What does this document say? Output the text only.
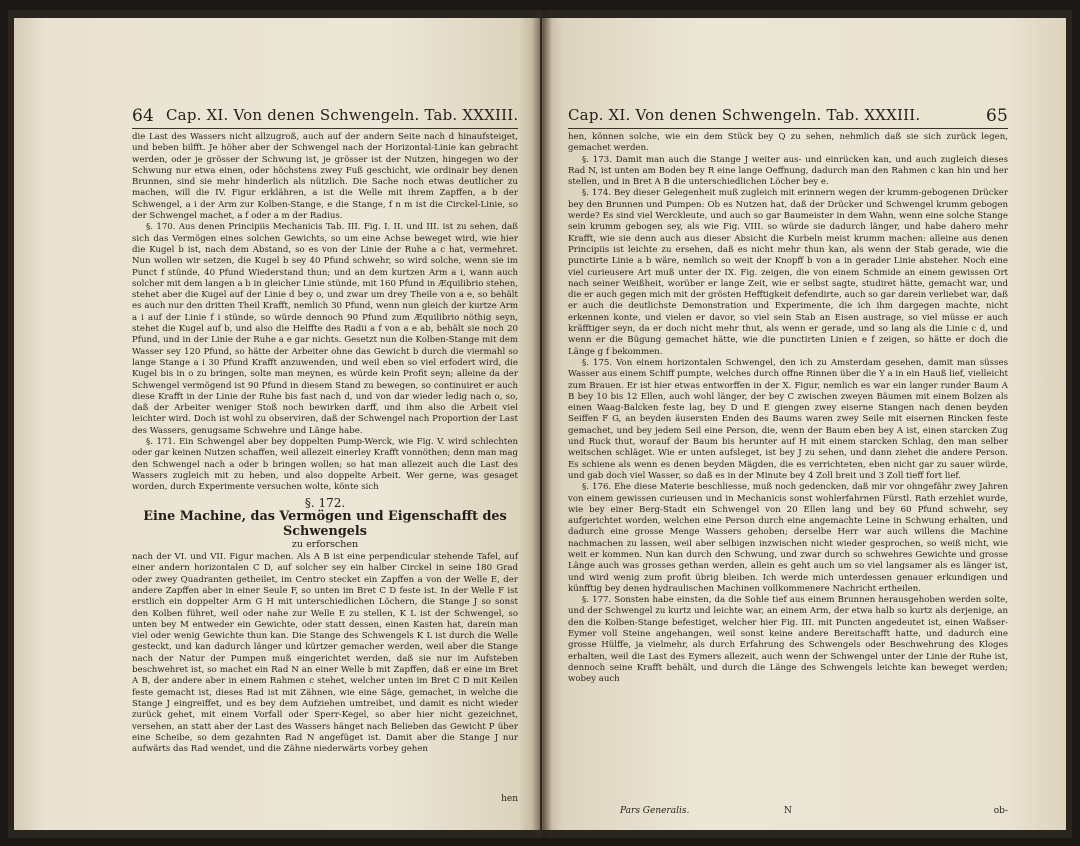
64 Cap. XI. Von denen Schwengeln. Tab. XXXIII.

die Last des Wassers nicht allzugroß, auch auf der andern Seite nach d hinaufsteiget, und beben bilfft. Je höher aber der Schwengel nach der Horizontal-Linie kan gebracht werden, oder je grösser der Schwung ist, je grösser ist der Nutzen, hingegen wo der Schwung nur etwa einen, oder höchstens zwey Fuß geschicht, wie ordinair bey denen Brunnen, sind sie mehr hinderlich als nützlich. Die Sache noch etwas deutlicher zu machen, will die IV. Figur erklähren, a ist die Welle mit ihrem Zapffen, a b der Schwengel, a i der Arm zur Kolben-Stange, e die Stange, f n m ist die Circkel-Linie, so der Schwengel machet, a f oder a m der Radius.

§. 170. Aus denen Principiis Mechanicis Tab. III. Fig. I. II. und III. ist zu sehen, daß sich das Vermögen eines solchen Gewichts, so um eine Achse beweget wird, wie hier die Kugel b ist, nach dem Abstand, so es von der Linie der Ruhe a c hat, vermehret. Nun wollen wir setzen, die Kugel b sey 40 Pfund schwehr, so wird solche, wenn sie im Punct f stünde, 40 Pfund Wiederstand thun; und an dem kurtzen Arm a i, wann auch solcher mit dem langen a b in gleicher Linie stünde, mit 160 Pfund in Æquilibrio stehen, stehet aber die Kugel auf der Linie d bey o, und zwar um drey Theile von a e, so behält es auch nur den dritten Theil Krafft, nemlich 30 Pfund, wenn nun gleich der kurtze Arm a i auf der Linie f i stünde, so würde dennoch 90 Pfund zum Æquilibrio nöthig seyn, stehet die Kugel auf b, und also die Helffte des Radii a f von a e ab, behält sie noch 20 Pfund, und in der Linie der Ruhe a e gar nichts. Gesetzt nun die Kolben-Stange mit dem Wasser sey 120 Pfund, so hätte der Arbeiter ohne das Gewicht b durch die viermahl so lange Stange a i 30 Pfund Krafft anzuwenden, und weil eben so viel erfodert wird, die Kugel bis in o zu bringen, solte man meynen, es würde kein Profit seyn; alleine da der Schwengel vermögend ist 90 Pfund in diesem Stand zu bewegen, so continuiret er auch diese Krafft in der Linie der Ruhe bis fast nach d, und von dar wieder ledig nach o, so, daß der Arbeiter weniger Stoß noch bewirken darff, und ihm also die Arbeit viel leichter wird. Doch ist wohl zu observiren, daß der Schwengel nach Proportion der Last des Wassers, genugsame Schwehre und Länge habe.

§. 171. Ein Schwengel aber bey doppelten Pump-Werck, wie Fig. V. wird schlechten oder gar keinen Nutzen schaffen, weil allezeit einerley Krafft vonnöthen; denn man mag den Schwengel nach a oder b bringen wollen; so hat man allezeit auch die Last des Wassers zugleich mit zu heben, und also doppelte Arbeit. Wer gerne, was gesaget worden, durch Experimente versuchen wolte, könte sich

§. 172.
Eine Machine, das Vermögen und Eigenschafft des Schwengels
zu erforschen

nach der VI. und VII. Figur machen. Als A B ist eine perpendicular stehende Tafel, auf einer andern horizontalen C D, auf solcher sey ein halber Circkel in seine 180 Grad oder zwey Quadranten getheilet, im Centro stecket ein Zapffen a von der Welle E, der andere Zapffen aber in einer Seule F, so unten im Bret C D feste ist. In der Welle F ist erstlich ein doppelter Arm G H mit unterschiedlichen Löchern, die Stange J so sonst den Kolben führet, weil oder nahe zur Welle E zu stellen, K L ist der Schwengel, so unten bey M entweder ein Gewichte, oder statt dessen, einen Kasten hat, darein man viel oder wenig Gewichte thun kan. Die Stange des Schwengels K L ist durch die Welle gesteckt, und kan dadurch länger und kürtzer gemacher werden, weil aber die Stange nach der Natur der Pumpen muß eingerichtet werden, daß sie nur im Aufsteben beschwehret ist, so machet ein Rad N an einer Welle b mit Zapffen, daß er eine im Bret A B, der andere aber in einem Rahmen c stehet, welcher unten im Bret C D mit Keilen feste gemacht ist, dieses Rad ist mit Zähnen, wie eine Säge, gemachet, in welche die Stange J eingreiffet, und es bey dem Aufziehen umtreibet, und damit es nicht wieder zurück gehet, mit einem Vorfall oder Sperr-Kegel, so aber hier nicht gezeichnet, versehen, an statt aber der Last des Wassers hänget nach Belieben das Gewicht P über eine Scheibe, so dem gezahnten Rad N angefüget ist. Damit aber die Stange J nur aufwärts das Rad wendet, und die Zähne niederwärts vorbey gehen

hen
Cap. XI. Von denen Schwengeln. Tab. XXXIII.	65

hen, können solche, wie ein dem Stück bey Q zu sehen, nehmlich daß sie sich zurück legen, gemachet werden.

§. 173. Damit man auch die Stange J weiter aus- und einrücken kan, und auch zugleich dieses Rad N, ist unten am Boden bey R eine lange Oeffnung, dadurch man den Rahmen c kan hin und her stellen, und in Bret A B die unterschiedlichen Löcher bey e.

§. 174. Bey dieser Gelegenheit muß zugleich mit erinnern wegen der krumm-gebogenen Drücker bey den Brunnen und Pumpen: Ob es Nutzen hat, daß der Drücker und Schwengel krumm gebogen werde? Es sind viel Werckleute, und auch so gar Baumeister in dem Wahn, wenn eine solche Stange sein krumm gebogen sey, als wie Fig. VIII. so würde sie dadurch länger, und habe dahero mehr Krafft, wie sie denn auch aus dieser Absicht die Kurbeln meist krumm machen: alleine aus denen Principiis ist leichte zu ersehen, daß es nicht mehr thun kan, als wenn der Stab gerade, wie die punctirte Linie a b wäre, nemlich so weit der Knopff b von a in gerader Linie absteher. Noch eine viel curieusere Art muß unter der IX. Fig. zeigen, die von einem Schmide an einem gewissen Ort nach seiner Weißheit, worüber er lange Zeit, wie er selbst sagte, studiret hätte, gemacht war, und die er auch gegen mich mit der grösten Hefftigkeit defendirte, auch so gar darein verliebet war, daß er auch die deutlichste Demonstration und Experimente, die ich ihm dargegen machte, nicht erkennen konte, und vielen er davor, so viel sein Stab an Eisen austrage, so viel müsse er auch kräfftiger seyn, da er doch nicht mehr thut, als wenn er gerade, und so lang als die Linie c d, und wenn er die Bügung gemachet hätte, wie die punctirten Linien e f zeigen, so hätte er doch die Länge g f bekommen.

§. 175. Von einem horizontalen Schwengel, den ich zu Amsterdam gesehen, damit man süsses Wasser aus einem Schiff pumpte, welches durch offne Rinnen über die Y a in ein Hauß lief, vielleicht zum Brauen. Er ist hier etwas entworffen in der X. Figur, nemlich es war ein langer runder Baum A B bey 10 bis 12 Ellen, auch wohl länger, der bey C zwischen zweyen Bäumen mit einem Bolzen als einen Waag-Balcken feste lag, bey D und E giengen zwey eiserne Stangen nach denen beyden Seiffen F G, an beyden äusersten Enden des Baums waren zwey Seile mit eisernen Rincken feste gemachet, und bey jedem Seil eine Person, die, wenn der Baum eben bey A ist, einen starcken Zug und Ruck thut, worauf der Baum bis herunter auf H mit einem starcken Schlag, den man selber weitschen schläget. Wie er unten aufsleget, ist bey J zu sehen, und dann ziehet die andere Person. Es schiene als wenn es denen beyden Mägden, die es verrichteten, eben nicht gar zu sauer würde, und gab doch viel Wasser, so daß es in der Minute bey 4 Zoll breit und 3 Zoll tieff fort lief.

§. 176. Ehe diese Materie beschliesse, muß noch gedencken, daß mir vor ohngefähr zwey Jahren von einem gewissen curieusen und in Mechanicis sonst wohlerfahrnen Fürstl. Rath erzehlet wurde, wie bey einer Berg-Stadt ein Schwengel von 20 Ellen lang und bey 60 Pfund schwehr, sey aufgerichtet worden, welchen eine Person durch eine angemachte Leine in Schwung erhalten, und dadurch eine grosse Menge Wassers gehoben; derselbe Herr war auch willens die Machine nachmachen zu lassen, weil aber selbigen inzwischen nicht wieder gesprochen, so weiß nicht, wie weit er kommen. Nun kan durch den Schwung, und zwar durch so schwehres Gewichte und grosse Länge auch was grosses gethan werden, allein es geht auch um so viel langsamer als es länger ist, und wird wenig zum profit übrig bleiben. Ich werde mich unterdessen genauer erkundigen und künfftig bey denen hydraulischen Machinen vollkommenere Nachricht ertheilen.

§. 177. Sonsten habe einsten, da die Sohle tief aus einem Brunnen herausgehoben werden solte, und der Schwengel zu kurtz und leichte war, an einem Arm, der etwa halb so kurtz als derjenige, an den die Kolben-Stange befestiget, welcher hier Fig. III. mit Puncten angedeutet ist, einen Waßser-Eymer voll Steine angehangen, weil sonst keine andere Bereitschafft hatte, und dadurch eine grosse Hülffe, ja vielmehr, als durch Erfahrung des Schwengels oder Beschwehrung des Kloges erhalten, weil die Last des Eymers allezeit, auch wenn der Schwengel unter der Linie der Ruhe ist, dennoch seine Krafft behält, und durch die Länge des Schwengels leichte kan beweget werden; wobey auch

Pars Generalis.	N	ob-
